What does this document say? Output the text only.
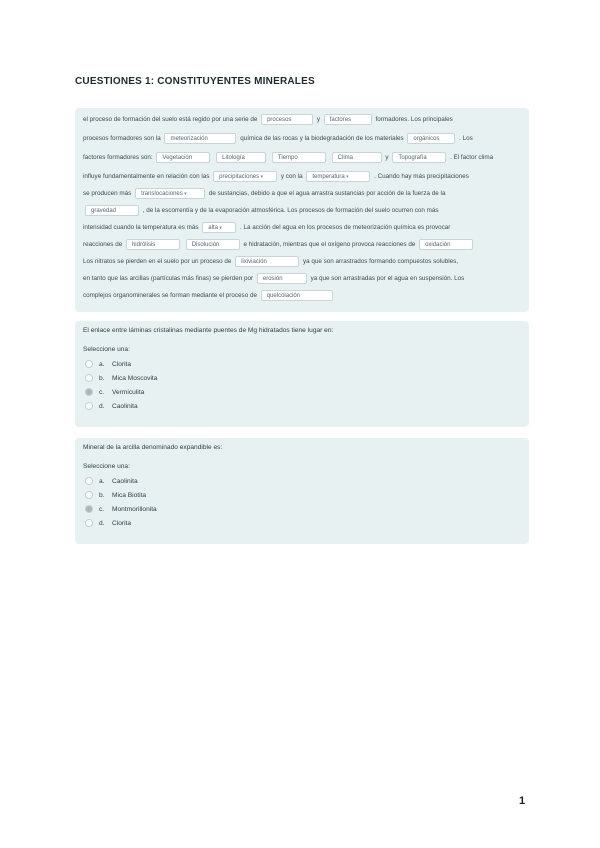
CUESTIONES 1: CONSTITUYENTES MINERALES
el proceso de formación del suelo está regido por una serie de procesos	y factores	formadores. Los principales
procesos formadores son la meteorización	química de las rocas y la biodegradación de los materiales orgánicos	. Los
factores formadores son: Vegetación	Litología	Tiempo	Clima	y Topografía	. El factor clima
influye fundamentalmente en relación con las precipitaciones ▾	y con la temperatura ▾	. Cuando hay más precipitaciones
se producen más translocaciones ▾	de sustancias, debido a que el agua arrastra sustancias por acción de la fuerza de la
gravedad	, de la escorrentía y de la evaporación atmosférica. Los procesos de formación del suelo ocurren con más
intensidad cuando la temperatura es más alta ▾	. La acción del agua en los procesos de meteorización química es provocar
reacciones de hidrólisis	Disolución	e hidratación, mientras que el oxígeno provoca reacciones de oxidación
Los nitratos se pierden en el suelo por un proceso de lixiviación	ya que son arrastrados formando compuestos solubles,
en tanto que las arcillas (partículas más finas) se pierden por erosión	ya que son arrastradas por el agua en suspensión. Los
complejos organominerales se forman mediante el proceso de quelcolación
El enlace entre láminas cristalinas mediante puentes de Mg hidratados tiene lugar en:
Seleccione una:
a. Clorita
b. Mica Moscovita
c. Vermiculita
d. Caolinita
Mineral de la arcilla denominado expandible es:
Seleccione una:
a. Caolinita
b. Mica Biotita
c. Montmorillonita
d. Clorita
1
